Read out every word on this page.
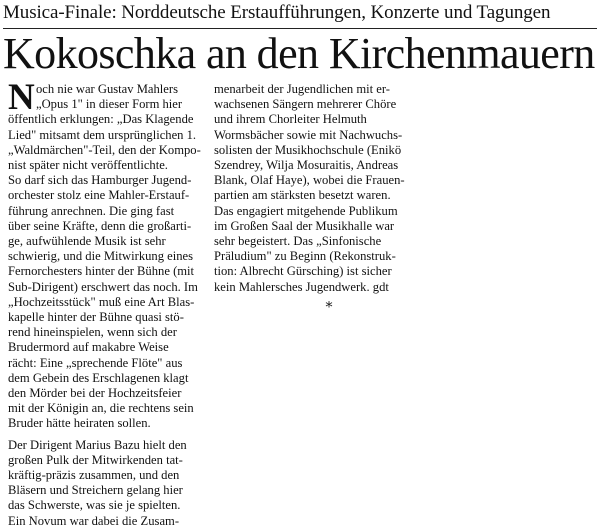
Musica-Finale: Norddeutsche Erstaufführungen, Konzerte und Tagungen
Kokoschka an den Kirchenmauern
N och nie war Gustav Mahlers
„Opus 1" in dieser Form hier
öffentlich erklungen: „Das Klagende
Lied" mitsamt dem ursprünglichen 1.
„Waldmärchen"-Teil, den der Kompo-
nist später nicht veröffentlichte.
So darf sich das Hamburger Jugend-
orchester stolz eine Mahler-Erstauf-
führung anrechnen. Die ging fast
über seine Kräfte, denn die großarti-
ge, aufwühlende Musik ist sehr
schwierig, und die Mitwirkung eines
Fernorchesters hinter der Bühne (mit
Sub-Dirigent) erschwert das noch. Im
„Hochzeitsstück" muß eine Art Blas-
kapelle hinter der Bühne quasi stö-
rend hineinspielen, wenn sich der
Brudermord auf makabre Weise
rächt: Eine „sprechende Flöte" aus
dem Gebein des Erschlagenen klagt
den Mörder bei der Hochzeitsfeier
mit der Königin an, die rechtens sein
Bruder hätte heiraten sollen.
Der Dirigent Marius Bazu hielt den
großen Pulk der Mitwirkenden tat-
kräftig-präzis zusammen, und den
Bläsern und Streichern gelang hier
das Schwerste, was sie je spielten.
Ein Novum war dabei die Zusam-
menarbeit der Jugendlichen mit er-
wachsenen Sängern mehrerer Chöre
und ihrem Chorleiter Helmuth
Wormsbächer sowie mit Nachwuchs-
solisten der Musikhochschule (Enikö
Szendrey, Wilja Mosuraitis, Andreas
Blank, Olaf Haye), wobei die Frauen-
partien am stärksten besetzt waren.
Das engagiert mitgehende Publikum
im Großen Saal der Musikhalle war
sehr begeistert. Das „Sinfonische
Präludium" zu Beginn (Rekonstruk-
tion: Albrecht Gürsching) ist sicher
kein Mahlersches Jugendwerk. gdt
⁎
